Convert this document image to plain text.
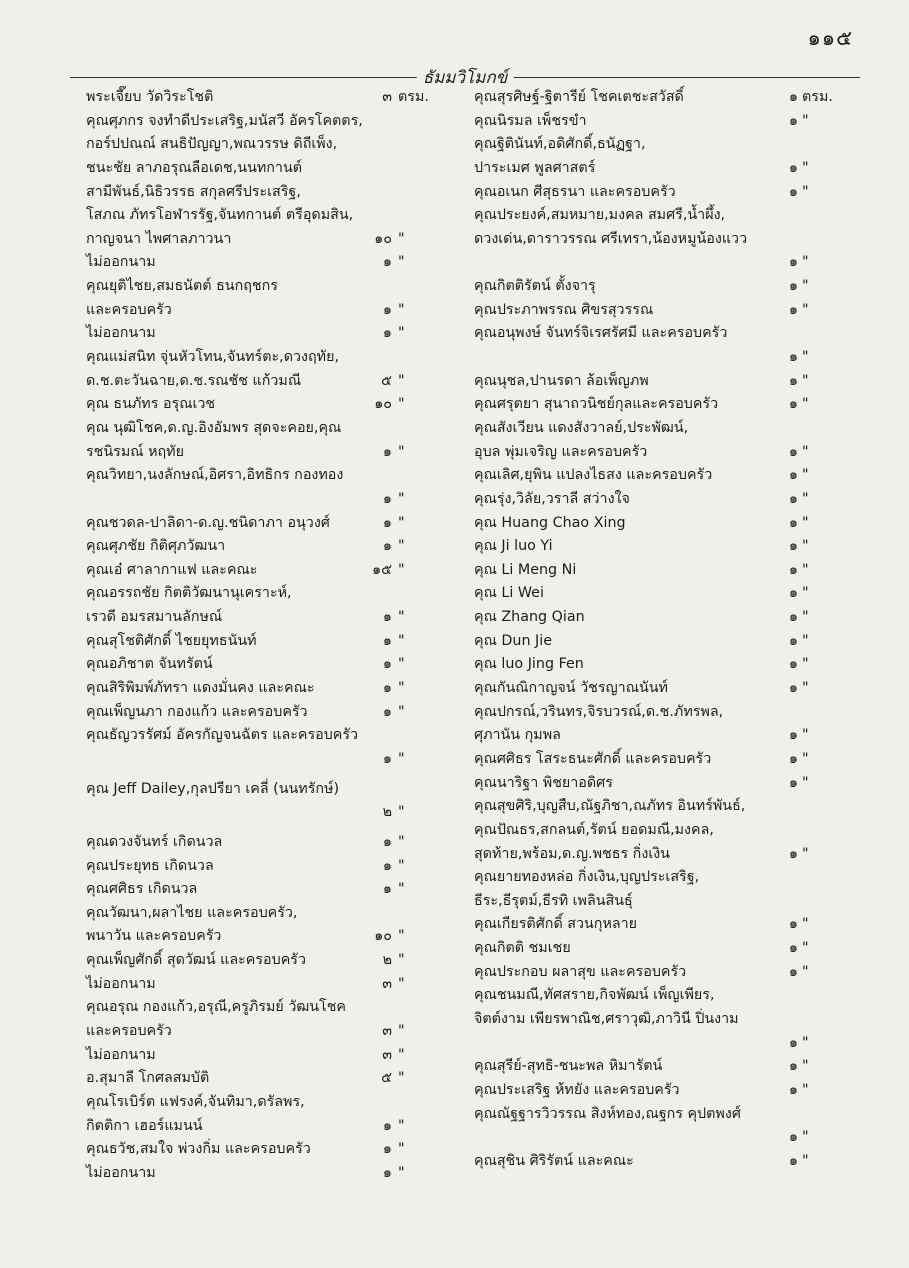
๑๑๕
ธัมมวิโมกข์
พระเจี๊ยบ วัดวิระโชติ	๓ ตรม.
คุณศุภกร จงทำดีประเสริฐ,มนัสวี อัครโคตตร,
กอร์ปปณณ์ สนธิปัญญา,พณวรรษ ดิถีเพ็ง,
ชนะชัย ลาภอรุณลือเดช,นนทกานต์
สามีพันธ์,นิธิวรรธ สกุลศรีประเสริฐ,
โสภณ ภัทรโอฬารรัฐ,จันทกานต์ ตรีอุดมสิน,
กาญจนา ไพศาลภาวนา	๑๐ "
ไม่ออกนาม	๑ "
คุณยุติไชย,สมธนัตต์ ธนกฤชกร
และครอบครัว	๑ "
ไม่ออกนาม	๑ "
คุณแม่สนิท จุ่นหัวโทน,จันทร์ตะ,ดวงฤทัย,
ด.ช.ตะวันฉาย,ด.ช.รณชัช แก้วมณี	๕ "
คุณ ธนภัทร อรุณเวช	๑๐ "
คุณ นุฒิโชค,ด.ญ.อิงอัมพร สุดจะคอย,คุณ
รชนิรมณ์ หฤทัย	๑ "
คุณวิทยา,นงลักษณ์,อิศรา,อิทธิกร กองทอง
๑ "
คุณชวดล-ปาลิดา-ด.ญ.ชนิดาภา อนุวงศ์	๑ "
คุณศุภชัย กิติศุภวัฒนา	๑ "
คุณเอ๋ ศาลากาแฟ และคณะ	๑๕ "
คุณอรรถชัย กิตติวัฒนานุเคราะห์,
เรวดี อมรสมานลักษณ์	๑ "
คุณสุโชติศักดิ์ ไชยยุทธนันท์	๑ "
คุณอภิชาต จันทรัตน์	๑ "
คุณสิริพิมพ์ภัทรา แดงมั่นคง และคณะ	๑ "
คุณเพ็ญนภา กองแก้ว และครอบครัว	๑ "
คุณธัญวรรัศม์ อัครกัญจนฉัตร และครอบครัว
๑ "
คุณ Jeff Dailey,กุลปรียา เคลี่ (นนทรักษ์)
๒ "
คุณดวงจันทร์ เกิดนวล	๑ "
คุณประยุทธ เกิดนวล	๑ "
คุณศศิธร เกิดนวล	๑ "
คุณวัฒนา,ผลาไชย และครอบครัว,
พนาวัน และครอบครัว	๑๐ "
คุณเพ็ญศักดิ์ สุดวัฒน์ และครอบครัว	๒ "
ไม่ออกนาม	๓ "
คุณอรุณ กองแก้ว,อรุณี,ครูภิรมย์ วัฒนโชค
และครอบครัว	๓ "
ไม่ออกนาม	๓ "
อ.สุมาลี โกศลสมบัติ	๕ "
คุณโรเบิร์ต แฟรงค์,จันทิมา,ดรัลพร,
กิตติกา เฮอร์แมนน์	๑ "
คุณธวัช,สมใจ พ่วงกิ่ม และครอบครัว	๑ "
ไม่ออกนาม	๑ "
คุณสุรศิษฐ์-ฐิตารีย์ โชคเตชะสวัสดิ์	๑ ตรม.
คุณนิรมล เพ็ชรขำ	๑ "
คุณฐิตินันท์,อดิศักดิ์,ธนัฏฐา,
ปาระเมศ พูลศาสตร์	๑ "
คุณอเนก ศีสุธรนา และครอบครัว	๑ "
คุณประยงค์,สมหมาย,มงคล สมศรี,น้ำผึ้ง,
ดวงเด่น,ดาราวรรณ ศรีเทรา,น้องหมูน้องแวว
๑ "
คุณกิตติรัตน์ ตั้งจารุ	๑ "
คุณประภาพรรณ ศิขรสุวรรณ	๑ "
คุณอนุพงษ์ จันทร์จิเรศรัศมี และครอบครัว
๑ "
คุณนุชล,ปานรดา ล้อเพ็ญภพ	๑ "
คุณศรุตยา สุนาถวนิชย์กุลและครอบครัว	๑ "
คุณสังเวียน แดงสังวาลย์,ประพัฒน์,
อุบล พุ่มเจริญ และครอบครัว	๑ "
คุณเลิศ,ยุพิน แปลงไธสง และครอบครัว	๑ "
คุณรุ่ง,วิลัย,วราลี สว่างใจ	๑ "
คุณ Huang Chao Xing	๑ "
คุณ Ji luo Yi	๑ "
คุณ Li Meng Ni	๑ "
คุณ Li Wei	๑ "
คุณ Zhang Qian	๑ "
คุณ Dun Jie	๑ "
คุณ luo Jing Fen	๑ "
คุณกันณิกาญจน์ วัชรญาณนันท์	๑ "
คุณปกรณ์,วรินทร,จิรบวรณ์,ด.ช.ภัทรพล,
ศุภานัน กุมพล	๑ "
คุณศศิธร โสระธนะศักดิ์ และครอบครัว	๑ "
คุณนาริฐา พิชยาอดิศร	๑ "
คุณสุขศิริ,บุญสืบ,ณัฐภิชา,ณภัทร อินทร์พันธ์,
คุณปัณธร,สกลนต์,รัตน์ ยอดมณี,มงคล,
สุดท้าย,พร้อม,ด.ญ.พชธร กิ่งเงิน	๑ "
คุณยายทองหล่อ กิ่งเงิน,บุญประเสริฐ,
ธีระ,ธีรุตม์,ธีรทิ เพลินสินธุ์
คุณเกียรติศักดิ์ สวนกุหลาย	๑ "
คุณกิตติ ชมเชย	๑ "
คุณประกอบ ผลาสุข และครอบครัว	๑ "
คุณชนมณี,ทัศสราย,กิจพัฒน์ เพ็ญเพียร,
จิตต์งาม เพียรพาณิช,ศราวุฒิ,ภาวินี ปิ่นงาม
๑ "
คุณสุรีย์-สุทธิ-ชนะพล หิมารัตน์	๑ "
คุณประเสริฐ ห้ทยัง และครอบครัว	๑ "
คุณณัฐฐารวิวรรณ สิงห์ทอง,ณฐกร คุปตพงศ์
๑ "
คุณสุชิน ศิริรัตน์ และคณะ	๑ "
